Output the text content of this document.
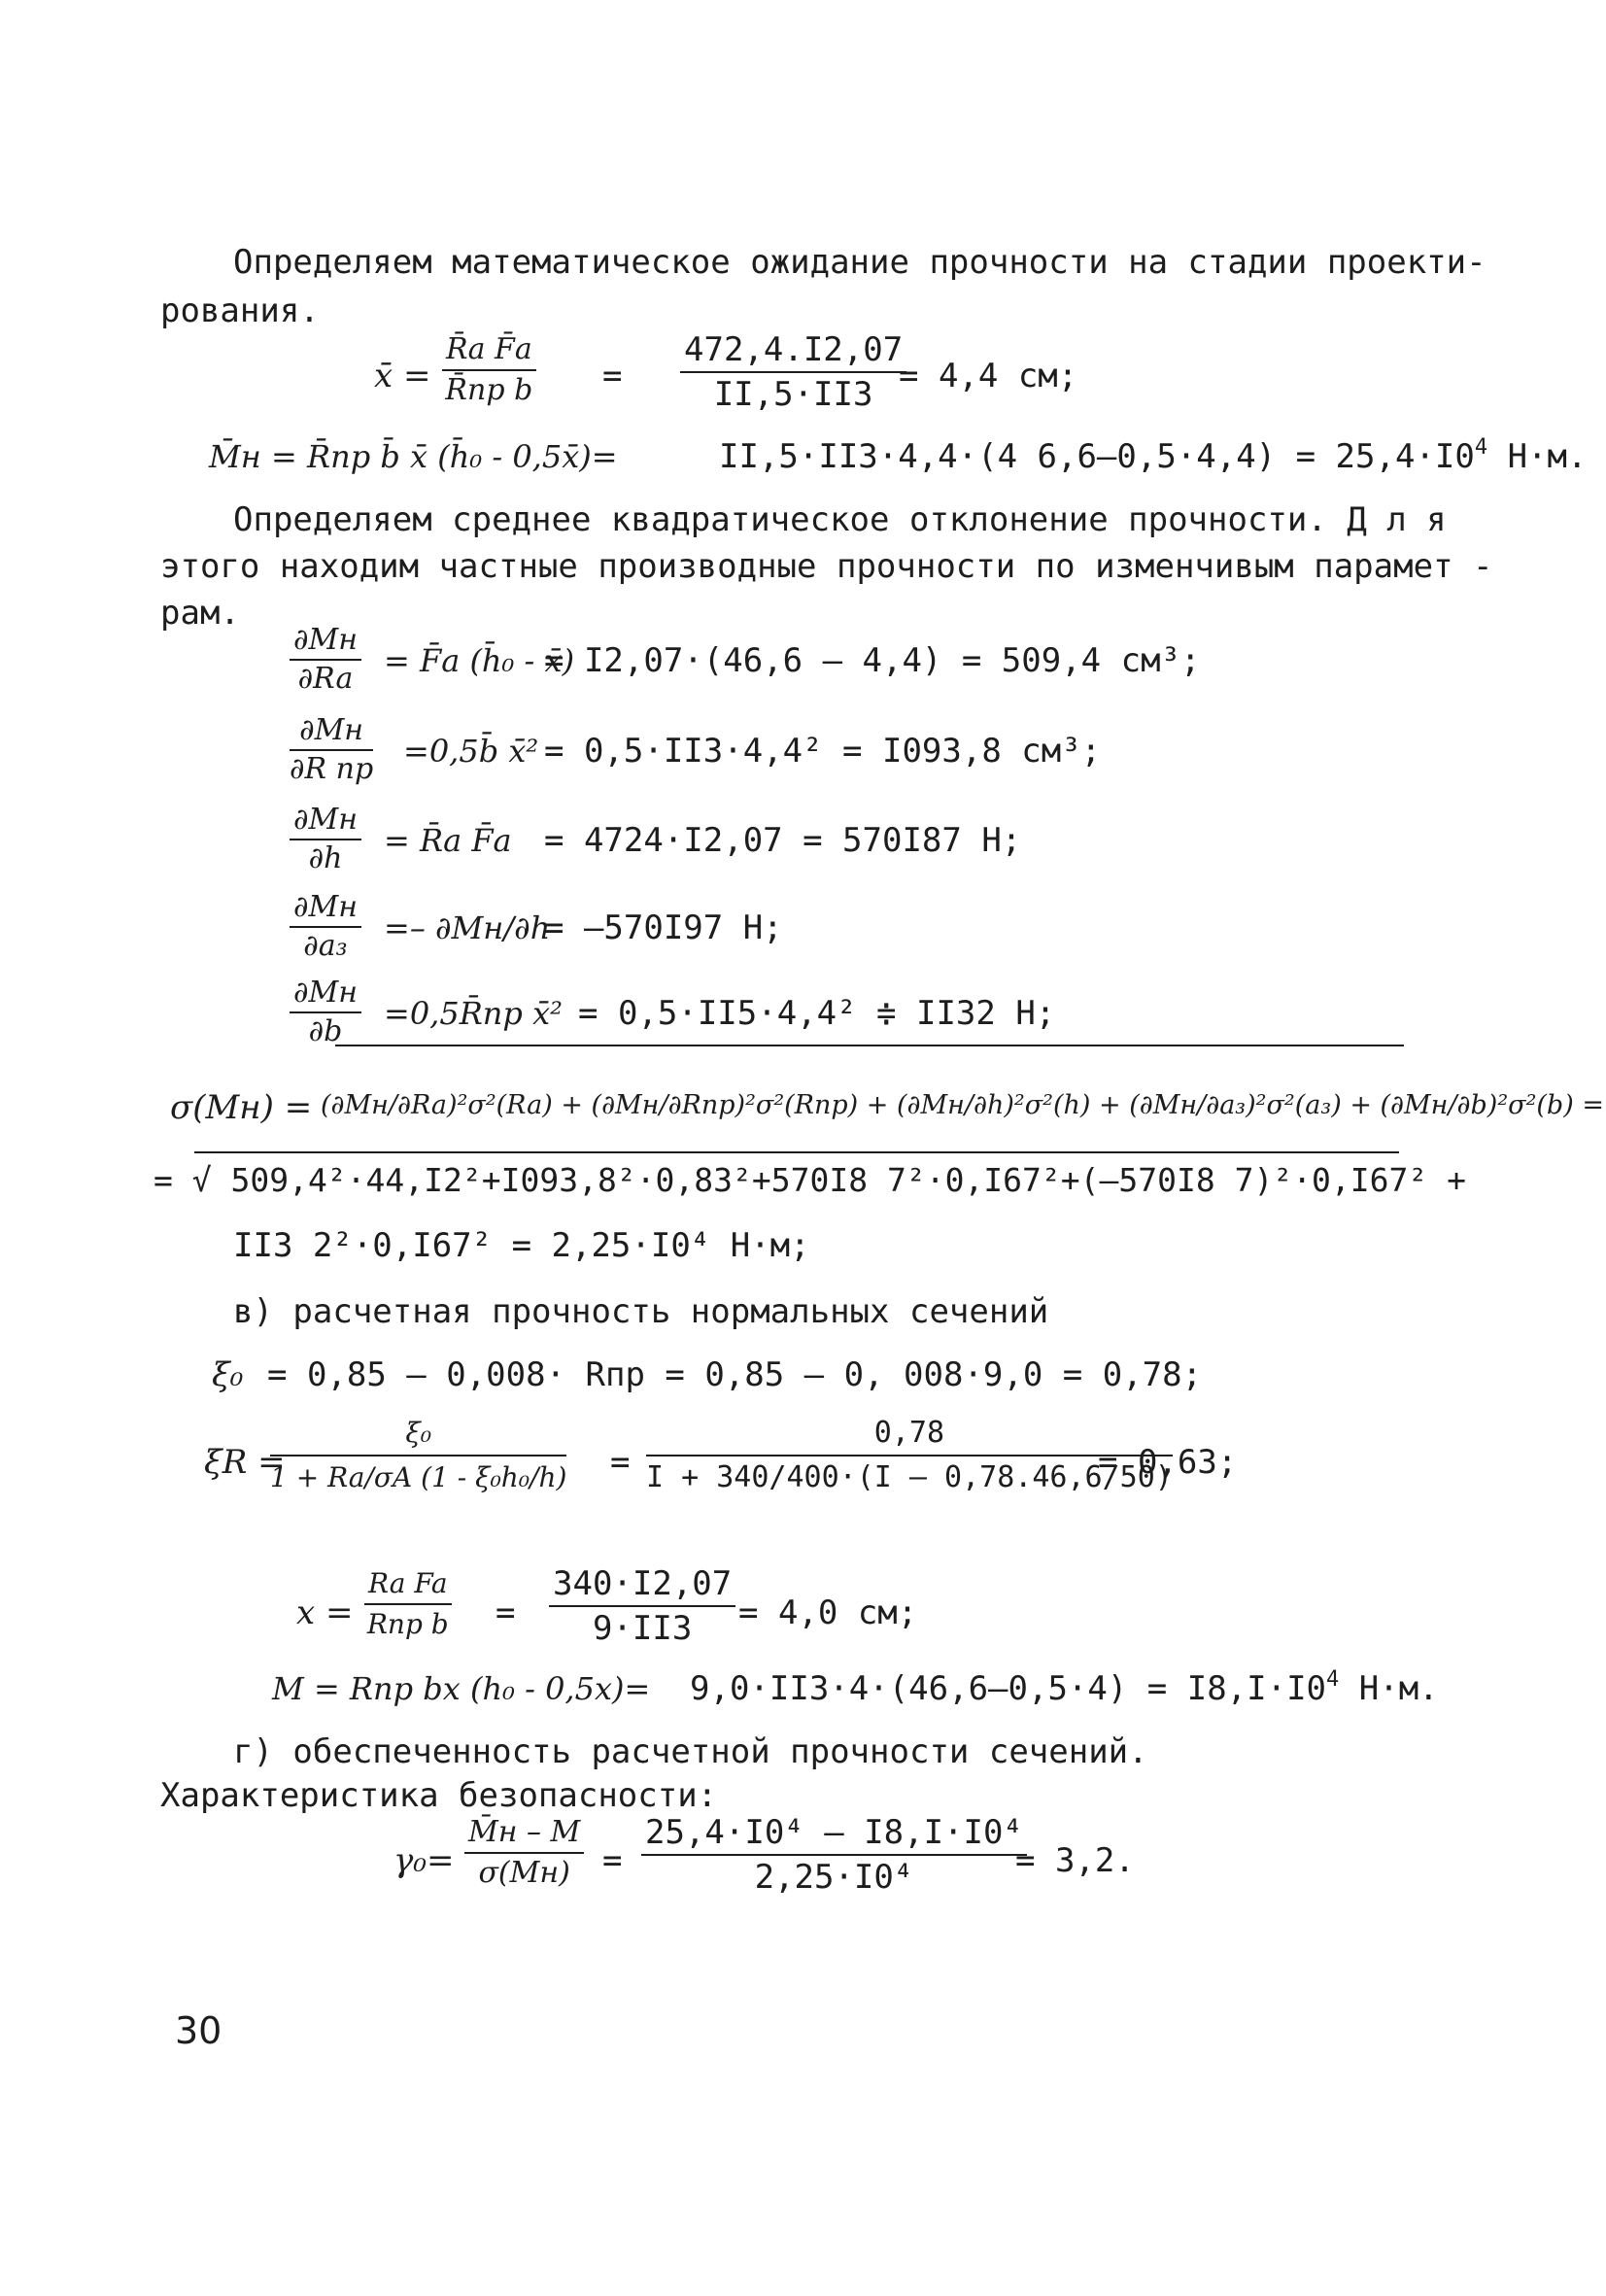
Определяем математическое ожидание прочности на стадии проекти-
рования.
x̄ =
R̄a F̄a
R̄пр $b = \frac{472,4.I2,07}{II,5\cdot II3}$
= 4,4 см;
M̄н = R̄пр b̄ x̄ (h̄₀ - 0,5x̄)=	II,5·II3·4,4·(4 $6,6-0,5\cdot 4,4) = 25,4\cdot I0^4$ Н·м.
Определяем среднее квадратическое отклонение прочности. Д л я
этого находим частные производные прочности по изменчивым парамет -
рам.
∂Mн
∂Ra = F̄a (h̄₀ - x̄)
= I2,07·(46,6 – 4,4) = 509,4 см³;
∂Mн
∂R пр =0,5b̄ x̄² = 0,5·II3·4,4² = I093,8 см³;
∂Mн
∂h	= R̄a F̄a = 4724·I2,07 = 570I87 Н;
∂Mн
∂a₃	=– ∂Mн/∂h
= –570I97 Н;
∂Mн
∂b	=0,5R̄пр x̄² = 0,5·II5·4,4² ≑ II32 Н;
σ(Mн) = (∂Mн/∂Ra)²σ²(Ra) + (∂Mн/∂Rпр)²σ²(Rпр) + (∂Mн/∂h)²σ²(h) + (∂Mн/∂a₃)²σ²(a₃) + (∂Mн/∂b)²σ²(b) =
= √ 509,4²·44,I2²+I093,8²·0,83²+570I8 7²·0,I67²+(–570I8 7)²·0,I67² +
II3 2²·0,I67² = 2,25·I0⁴ Н·м;
в) расчетная прочность нормальных сечений
ξ₀ = 0,85 – 0,008· Rпр = 0,85 – 0, 008·9,0 = 0,78;
ξR =
$\frac{\text{ξ₀}}{\text{1 + Ra/σA (1 - ξ₀h₀/h)}} = \frac{0,78}{I + 340/400\cdot(I - 0,78.46,6/50)}$
= 0,63;
x =
Ra Fa
Rпр $b = \frac{340\cdot I2,07}{9\cdot II3} = 4,0$ см;
M = Rпр bx $(h_0 - 0,5x)= 9,0\cdot II3\cdot 4\cdot(46,6-0,5\cdot 4) = I8,I\cdot I0^4$ Н·м.
г) обеспеченность расчетной прочности сечений.
Характеристика безопасности:
γ₀=
M̄н – M
$\sigma(Mн) = \frac{\text{25,4·I0⁴ – I8,I·I0⁴}}{\text{2,25·I0⁴}}$
= 3,2.
30
